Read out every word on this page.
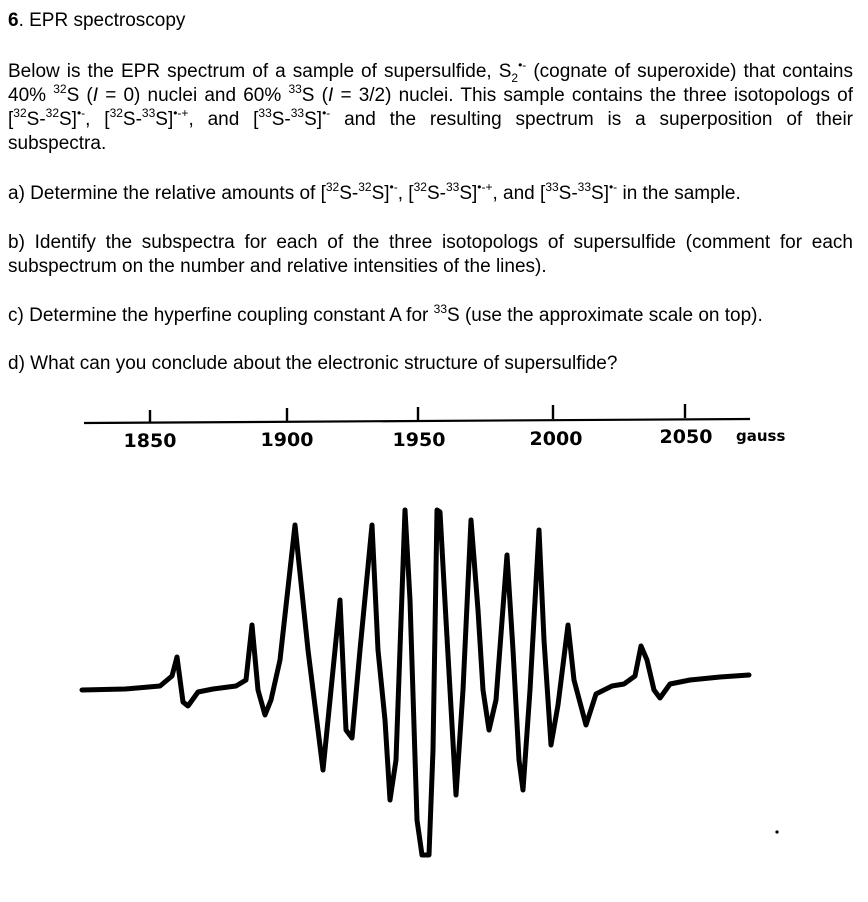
6. EPR spectroscopy
Below is the EPR spectrum of a sample of supersulfide, $S_2^{•-}$ (cognate of superoxide) that contains 40% $^{32}$S (I = 0) nuclei and 60% $^{33}$S (I = 3/2) nuclei. This sample contains the three isotopologs of [$^{32}$S-$^{32}$S]•-, [$^{32}$S-$^{33}$S]•-+, and [$^{33}$S-$^{33}$S]•- and the resulting spectrum is a superposition of their subspectra.
a) Determine the relative amounts of [$^{32}$S-$^{32}$S]•-, [$^{32}$S-$^{33}$S]•-+, and [$^{33}$S-$^{33}$S]•- in the sample.
b) Identify the subspectra for each of the three isotopologs of supersulfide (comment for each subspectrum on the number and relative intensities of the lines).
c) Determine the hyperfine coupling constant A for $^{33}$S (use the approximate scale on top).
d) What can you conclude about the electronic structure of supersulfide?
1850	1900	1950	2000	2050 gauss
